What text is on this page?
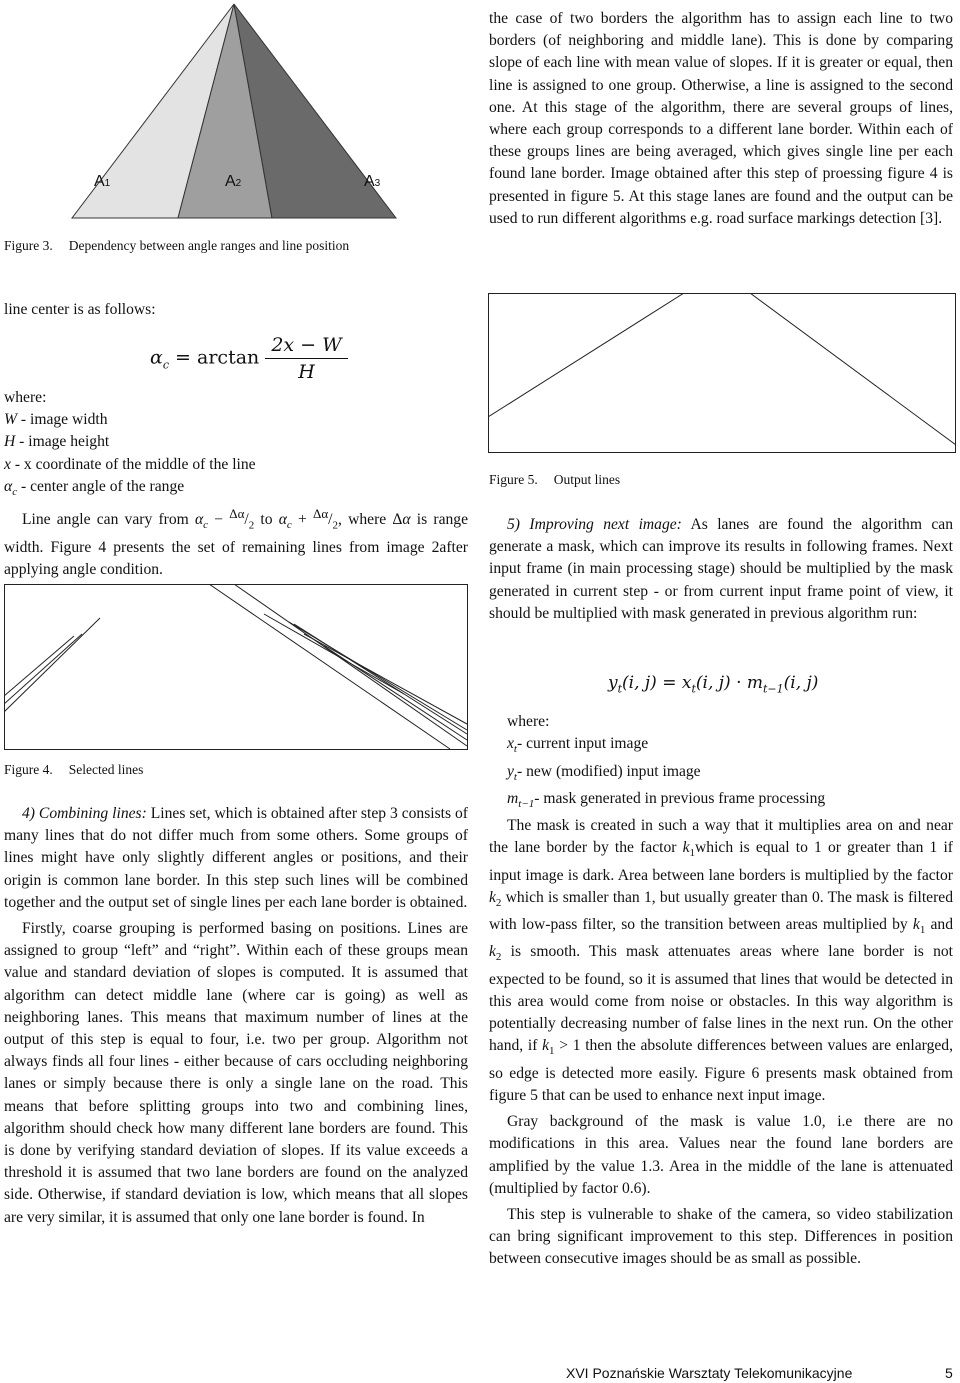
A1	A2	A3
Figure 3. Dependency between angle ranges and line position

the case of two borders the algorithm has to assign each line to two borders (of neighboring and middle lane). This is done by comparing slope of each line with mean value of slopes. If it is greater or equal, then line is assigned to one group. Otherwise, a line is assigned to the second one. At this stage of the algorithm, there are several groups of lines, where each group corresponds to a different lane border. Within each of these groups lines are being averaged, which gives single line per each found lane border. Image obtained after this step of proessing figure 4 is presented in figure 5. At this stage lanes are found and the output can be used to run different algorithms e.g. road surface markings detection [3].

line center is as follows:

$\alpha_c = \arctan \frac{2x - W}{H}$

where:

W - image width

H - image height

x - x coordinate of the middle of the line

$\alpha_c$ - center angle of the range

Line angle can vary from $\alpha_c - ^{\Delta\alpha}/_2$ to $\alpha_c + ^{\Delta\alpha}/_2$, where Δα is range width. Figure 4 presents the set of remaining lines from image 2after applying angle condition.

Figure 4. Selected lines

4) Combining lines: Lines set, which is obtained after step 3 consists of many lines that do not differ much from some others. Some groups of lines might have only slightly different angles or positions, and their origin is common lane border. In this step such lines will be combined together and the output set of single lines per each lane border is obtained.

Firstly, coarse grouping is performed basing on positions. Lines are assigned to group “left” and “right”. Within each of these groups mean value and standard deviation of slopes is computed. It is assumed that algorithm can detect middle lane (where car is going) as well as neighboring lanes. This means that maximum number of lines at the output of this step is equal to four, i.e. two per group. Algorithm not always finds all four lines - either because of cars occluding neighboring lanes or simply because there is only a single lane on the road. This means that before splitting groups into two and combining lines, algorithm should check how many different lane borders are found. This is done by verifying standard deviation of slopes. If its value exceeds a threshold it is assumed that two lane borders are found on the analyzed side. Otherwise, if standard deviation is low, which means that all slopes are very similar, it is assumed that only one lane border is found. In

Figure 5. Output lines

5) Improving next image: As lanes are found the algorithm can generate a mask, which can improve its results in following frames. Next input frame (in main processing stage) should be multiplied by the mask generated in current step - or from current input frame point of view, it should be multiplied with mask generated in previous algorithm run:

$y_t(i$, $j) = x_t(i$, $j) \cdot m_{t-1}(i$, j)

where:

$x_t-$ current input image

$y_t-$ new (modified) input image

$m_{t-1}-$ mask generated in previous frame processing

The mask is created in such a way that it multiplies area on and near the lane border by the factor $k_1which$ is equal to 1 or greater than 1 if input image is dark. Area between lane borders is multiplied by the factor $k_2$ which is smaller than 1, but usually greater than 0. The mask is filtered with low-pass filter, so the transition between areas multiplied by $k_1$ and $k_2$ is smooth. This mask attenuates areas where lane border is not expected to be found, so it is assumed that lines that would be detected in this area would come from noise or obstacles. In this way algorithm is potentially decreasing number of false lines in the next run. On the other hand, if $k_1 > 1$ then the absolute differences between values are enlarged, so edge is detected more easily. Figure 6 presents mask obtained from figure 5 that can be used to enhance next input image.

Gray background of the mask is value 1.0, i.e there are no modifications in this area. Values near the found lane borders are amplified by the value 1.3. Area in the middle of the lane is attenuated (multiplied by factor 0.6).

This step is vulnerable to shake of the camera, so video stabilization can bring significant improvement to this step. Differences in position between consecutive images should be as small as possible.

XVI Poznańskie Warsztaty Telekomunikacyjne	5
